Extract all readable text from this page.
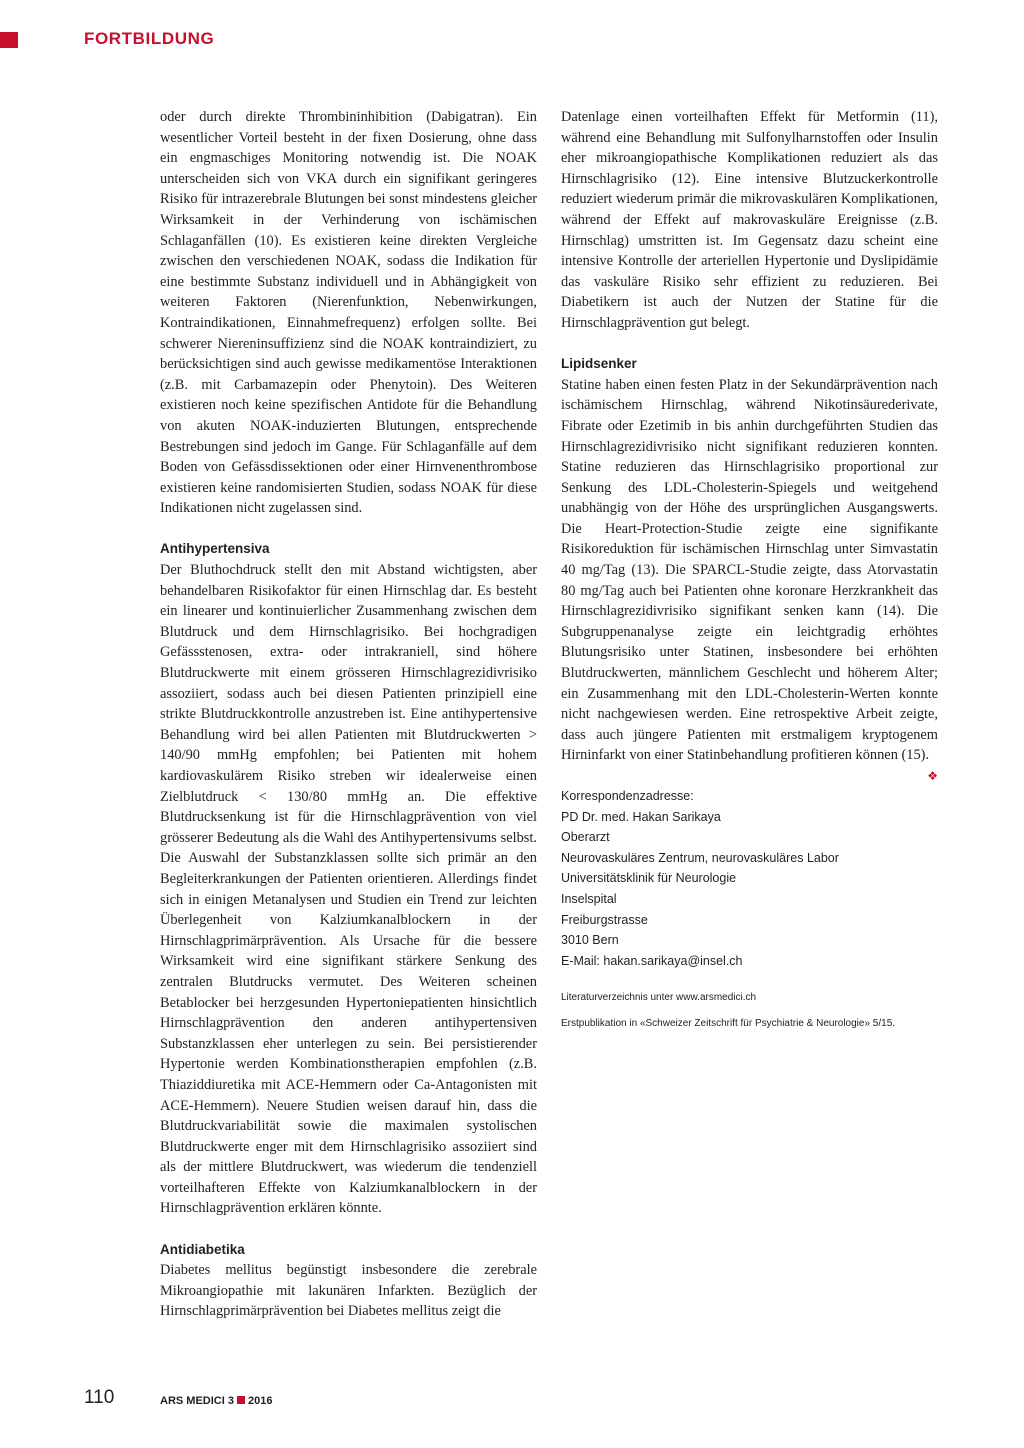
FORTBILDUNG

oder durch direkte Thrombininhibition (Dabigatran). Ein wesentlicher Vorteil besteht in der fixen Dosierung, ohne dass ein engmaschiges Monitoring notwendig ist. Die NOAK unterscheiden sich von VKA durch ein signifikant geringeres Risiko für intrazerebrale Blutungen bei sonst mindestens gleicher Wirksamkeit in der Verhinderung von ischämischen Schlaganfällen (10). Es existieren keine direkten Vergleiche zwischen den verschiedenen NOAK, sodass die Indikation für eine bestimmte Substanz individuell und in Abhängigkeit von weiteren Faktoren (Nierenfunktion, Nebenwirkungen, Kontraindikationen, Einnahmefrequenz) erfolgen sollte. Bei schwerer Niereninsuffizienz sind die NOAK kontraindiziert, zu berücksichtigen sind auch gewisse medikamentöse Interaktionen (z.B. mit Carbamazepin oder Phenytoin). Des Weiteren existieren noch keine spezifischen Antidote für die Behandlung von akuten NOAK-induzierten Blutungen, entsprechende Bestrebungen sind jedoch im Gange. Für Schlaganfälle auf dem Boden von Gefässdissektionen oder einer Hirnvenenthrombose existieren keine randomisierten Studien, sodass NOAK für diese Indikationen nicht zugelassen sind.

Antihypertensiva

Der Bluthochdruck stellt den mit Abstand wichtigsten, aber behandelbaren Risikofaktor für einen Hirnschlag dar. Es besteht ein linearer und kontinuierlicher Zusammenhang zwischen dem Blutdruck und dem Hirnschlagrisiko. Bei hochgradigen Gefässstenosen, extra- oder intrakraniell, sind höhere Blutdruckwerte mit einem grösseren Hirnschlagrezidivrisiko assoziiert, sodass auch bei diesen Patienten prinzipiell eine strikte Blutdruckkontrolle anzustreben ist. Eine antihypertensive Behandlung wird bei allen Patienten mit Blutdruckwerten > 140/90 mmHg empfohlen; bei Patienten mit hohem kardiovaskulärem Risiko streben wir idealerweise einen Zielblutdruck < 130/80 mmHg an. Die effektive Blutdrucksenkung ist für die Hirnschlagprävention von viel grösserer Bedeutung als die Wahl des Antihypertensivums selbst. Die Auswahl der Substanzklassen sollte sich primär an den Begleiterkrankungen der Patienten orientieren. Allerdings findet sich in einigen Metanalysen und Studien ein Trend zur leichten Überlegenheit von Kalziumkanalblockern in der Hirnschlagprimärprävention. Als Ursache für die bessere Wirksamkeit wird eine signifikant stärkere Senkung des zentralen Blutdrucks vermutet. Des Weiteren scheinen Betablocker bei herzgesunden Hypertoniepatienten hinsichtlich Hirnschlagprävention den anderen antihypertensiven Substanzklassen eher unterlegen zu sein. Bei persistierender Hypertonie werden Kombinationstherapien empfohlen (z.B. Thiaziddiuretika mit ACE-Hemmern oder Ca-Antagonisten mit ACE-Hemmern). Neuere Studien weisen darauf hin, dass die Blutdruckvariabilität sowie die maximalen systolischen Blutdruckwerte enger mit dem Hirnschlagrisiko assoziiert sind als der mittlere Blutdruckwert, was wiederum die tendenziell vorteilhafteren Effekte von Kalziumkanalblockern in der Hirnschlagprävention erklären könnte.

Antidiabetika

Diabetes mellitus begünstigt insbesondere die zerebrale Mikroangiopathie mit lakunären Infarkten. Bezüglich der Hirnschlagprimärprävention bei Diabetes mellitus zeigt die

Datenlage einen vorteilhaften Effekt für Metformin (11), während eine Behandlung mit Sulfonylharnstoffen oder Insulin eher mikroangiopathische Komplikationen reduziert als das Hirnschlagrisiko (12). Eine intensive Blutzuckerkontrolle reduziert wiederum primär die mikrovaskulären Komplikationen, während der Effekt auf makrovaskuläre Ereignisse (z.B. Hirnschlag) umstritten ist. Im Gegensatz dazu scheint eine intensive Kontrolle der arteriellen Hypertonie und Dyslipidämie das vaskuläre Risiko sehr effizient zu reduzieren. Bei Diabetikern ist auch der Nutzen der Statine für die Hirnschlagprävention gut belegt.

Lipidsenker

Statine haben einen festen Platz in der Sekundärprävention nach ischämischem Hirnschlag, während Nikotinsäurederivate, Fibrate oder Ezetimib in bis anhin durchgeführten Studien das Hirnschlagrezidivrisiko nicht signifikant reduzieren konnten. Statine reduzieren das Hirnschlagrisiko proportional zur Senkung des LDL-Cholesterin-Spiegels und weitgehend unabhängig von der Höhe des ursprünglichen Ausgangswerts. Die Heart-Protection-Studie zeigte eine signifikante Risikoreduktion für ischämischen Hirnschlag unter Simvastatin 40 mg/Tag (13). Die SPARCL-Studie zeigte, dass Atorvastatin 80 mg/Tag auch bei Patienten ohne koronare Herzkrankheit das Hirnschlagrezidivrisiko signifikant senken kann (14). Die Subgruppenanalyse zeigte ein leichtgradig erhöhtes Blutungsrisiko unter Statinen, insbesondere bei erhöhten Blutdruckwerten, männlichem Geschlecht und höherem Alter; ein Zusammenhang mit den LDL-Cholesterin-Werten konnte nicht nachgewiesen werden. Eine retrospektive Arbeit zeigte, dass auch jüngere Patienten mit erstmaligem kryptogenem Hirninfarkt von einer Statinbehandlung profitieren können (15).
❖

Korrespondenzadresse:
PD Dr. med. Hakan Sarikaya
Oberarzt
Neurovaskuläres Zentrum, neurovaskuläres Labor
Universitätsklinik für Neurologie
Inselspital
Freiburgstrasse
3010 Bern
E-Mail: hakan.sarikaya@insel.ch
Literaturverzeichnis unter www.arsmedici.ch
Erstpublikation in «Schweizer Zeitschrift für Psychiatrie & Neurologie» 5/15.
110	ARS MEDICI 3 2016
